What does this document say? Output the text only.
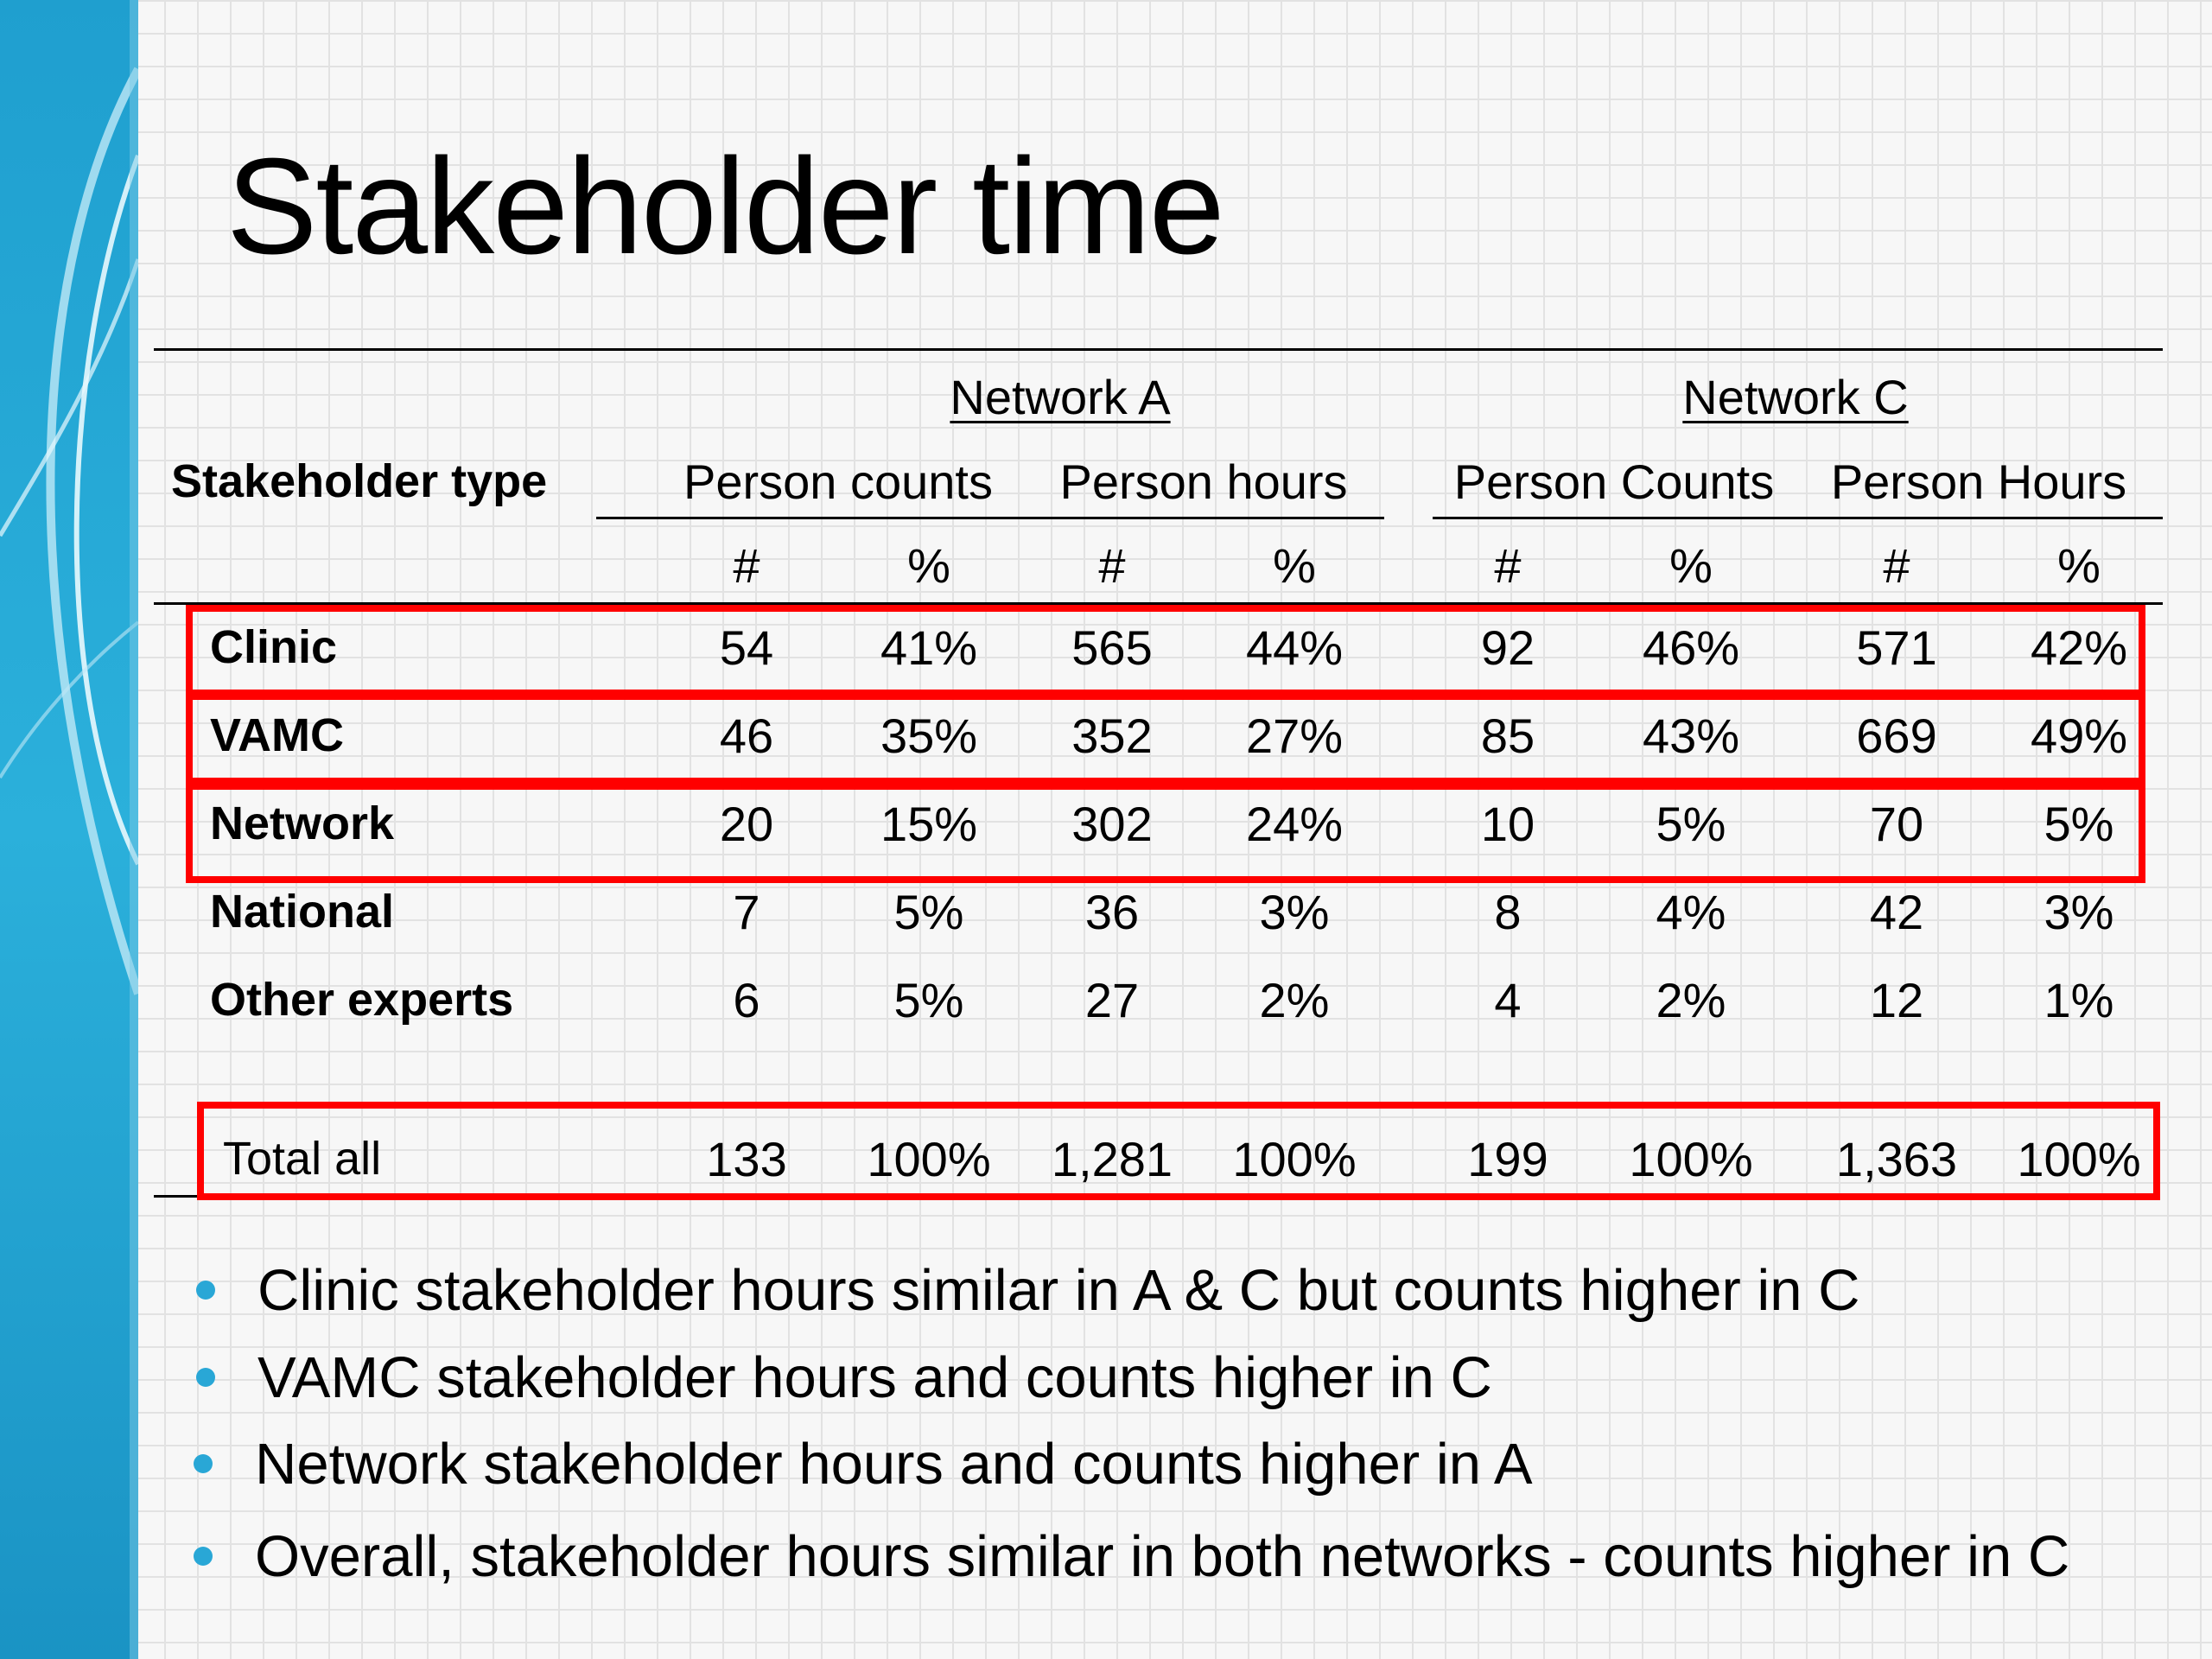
Stakeholder time
Network A	Network C
Stakeholder type	Person counts Person hours Person Counts Person Hours
#	%	#	%	#	%	#	%
Clinic	54 41% 565 44%	92 46% 571 42%
VAMC	46 35% 352 27%	85 43% 669 49%
Network	20 15% 302 24%	10	5%	70 5%
National	7	5%	36 3%	8	4%	42 3%
Other experts	6	5%	27 2%	4	2%	12 1%
Total all	133 100% 1,281 100% 199 100% 1,363 100%
Clinic stakeholder hours similar in A & C but counts higher in C
VAMC stakeholder hours and counts higher in C
Network stakeholder hours and counts higher in A
Overall, stakeholder hours similar in both networks - counts higher in C
